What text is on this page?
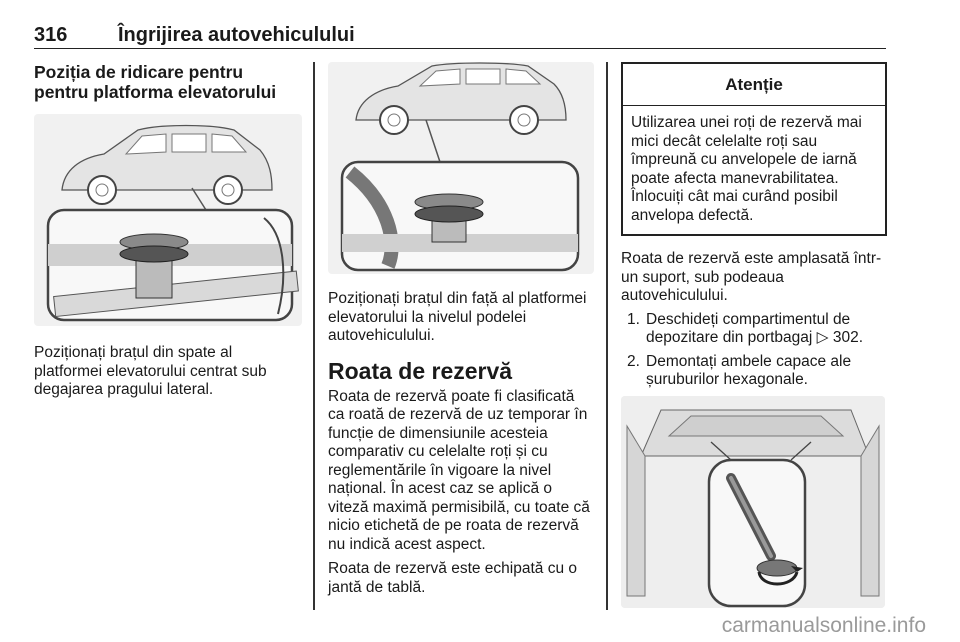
316	Îngrijirea autovehiculului
Poziția de ridicare pentru pentru platforma elevatorului

Poziționați brațul din spate al platformei elevatorului centrat sub degajarea pragului lateral.

Poziționați brațul din față al platformei elevatorului la nivelul podelei autovehiculului.

Roata de rezervă

Roata de rezervă poate fi clasificată ca roată de rezervă de uz temporar în funcție de dimensiunile acesteia comparativ cu celelalte roți și cu reglementările în vigoare la nivel național. În acest caz se aplică o viteză maximă permisibilă, cu toate că nicio etichetă de pe roata de rezervă nu indică acest aspect.

Roata de rezervă este echipată cu o jantă de tablă.

Atenție
Utilizarea unei roți de rezervă mai mici decât celelalte roți sau împreună cu anvelopele de iarnă poate afecta manevrabilitatea. Înlocuiți cât mai curând posibil anvelopa defectă.

Roata de rezervă este amplasată într-un suport, sub podeaua autovehiculului.

1. Deschideți compartimentul de depozitare din portbagaj ▷ 302.
2. Demontați ambele capace ale șuruburilor hexagonale.
carmanualsonline.info
